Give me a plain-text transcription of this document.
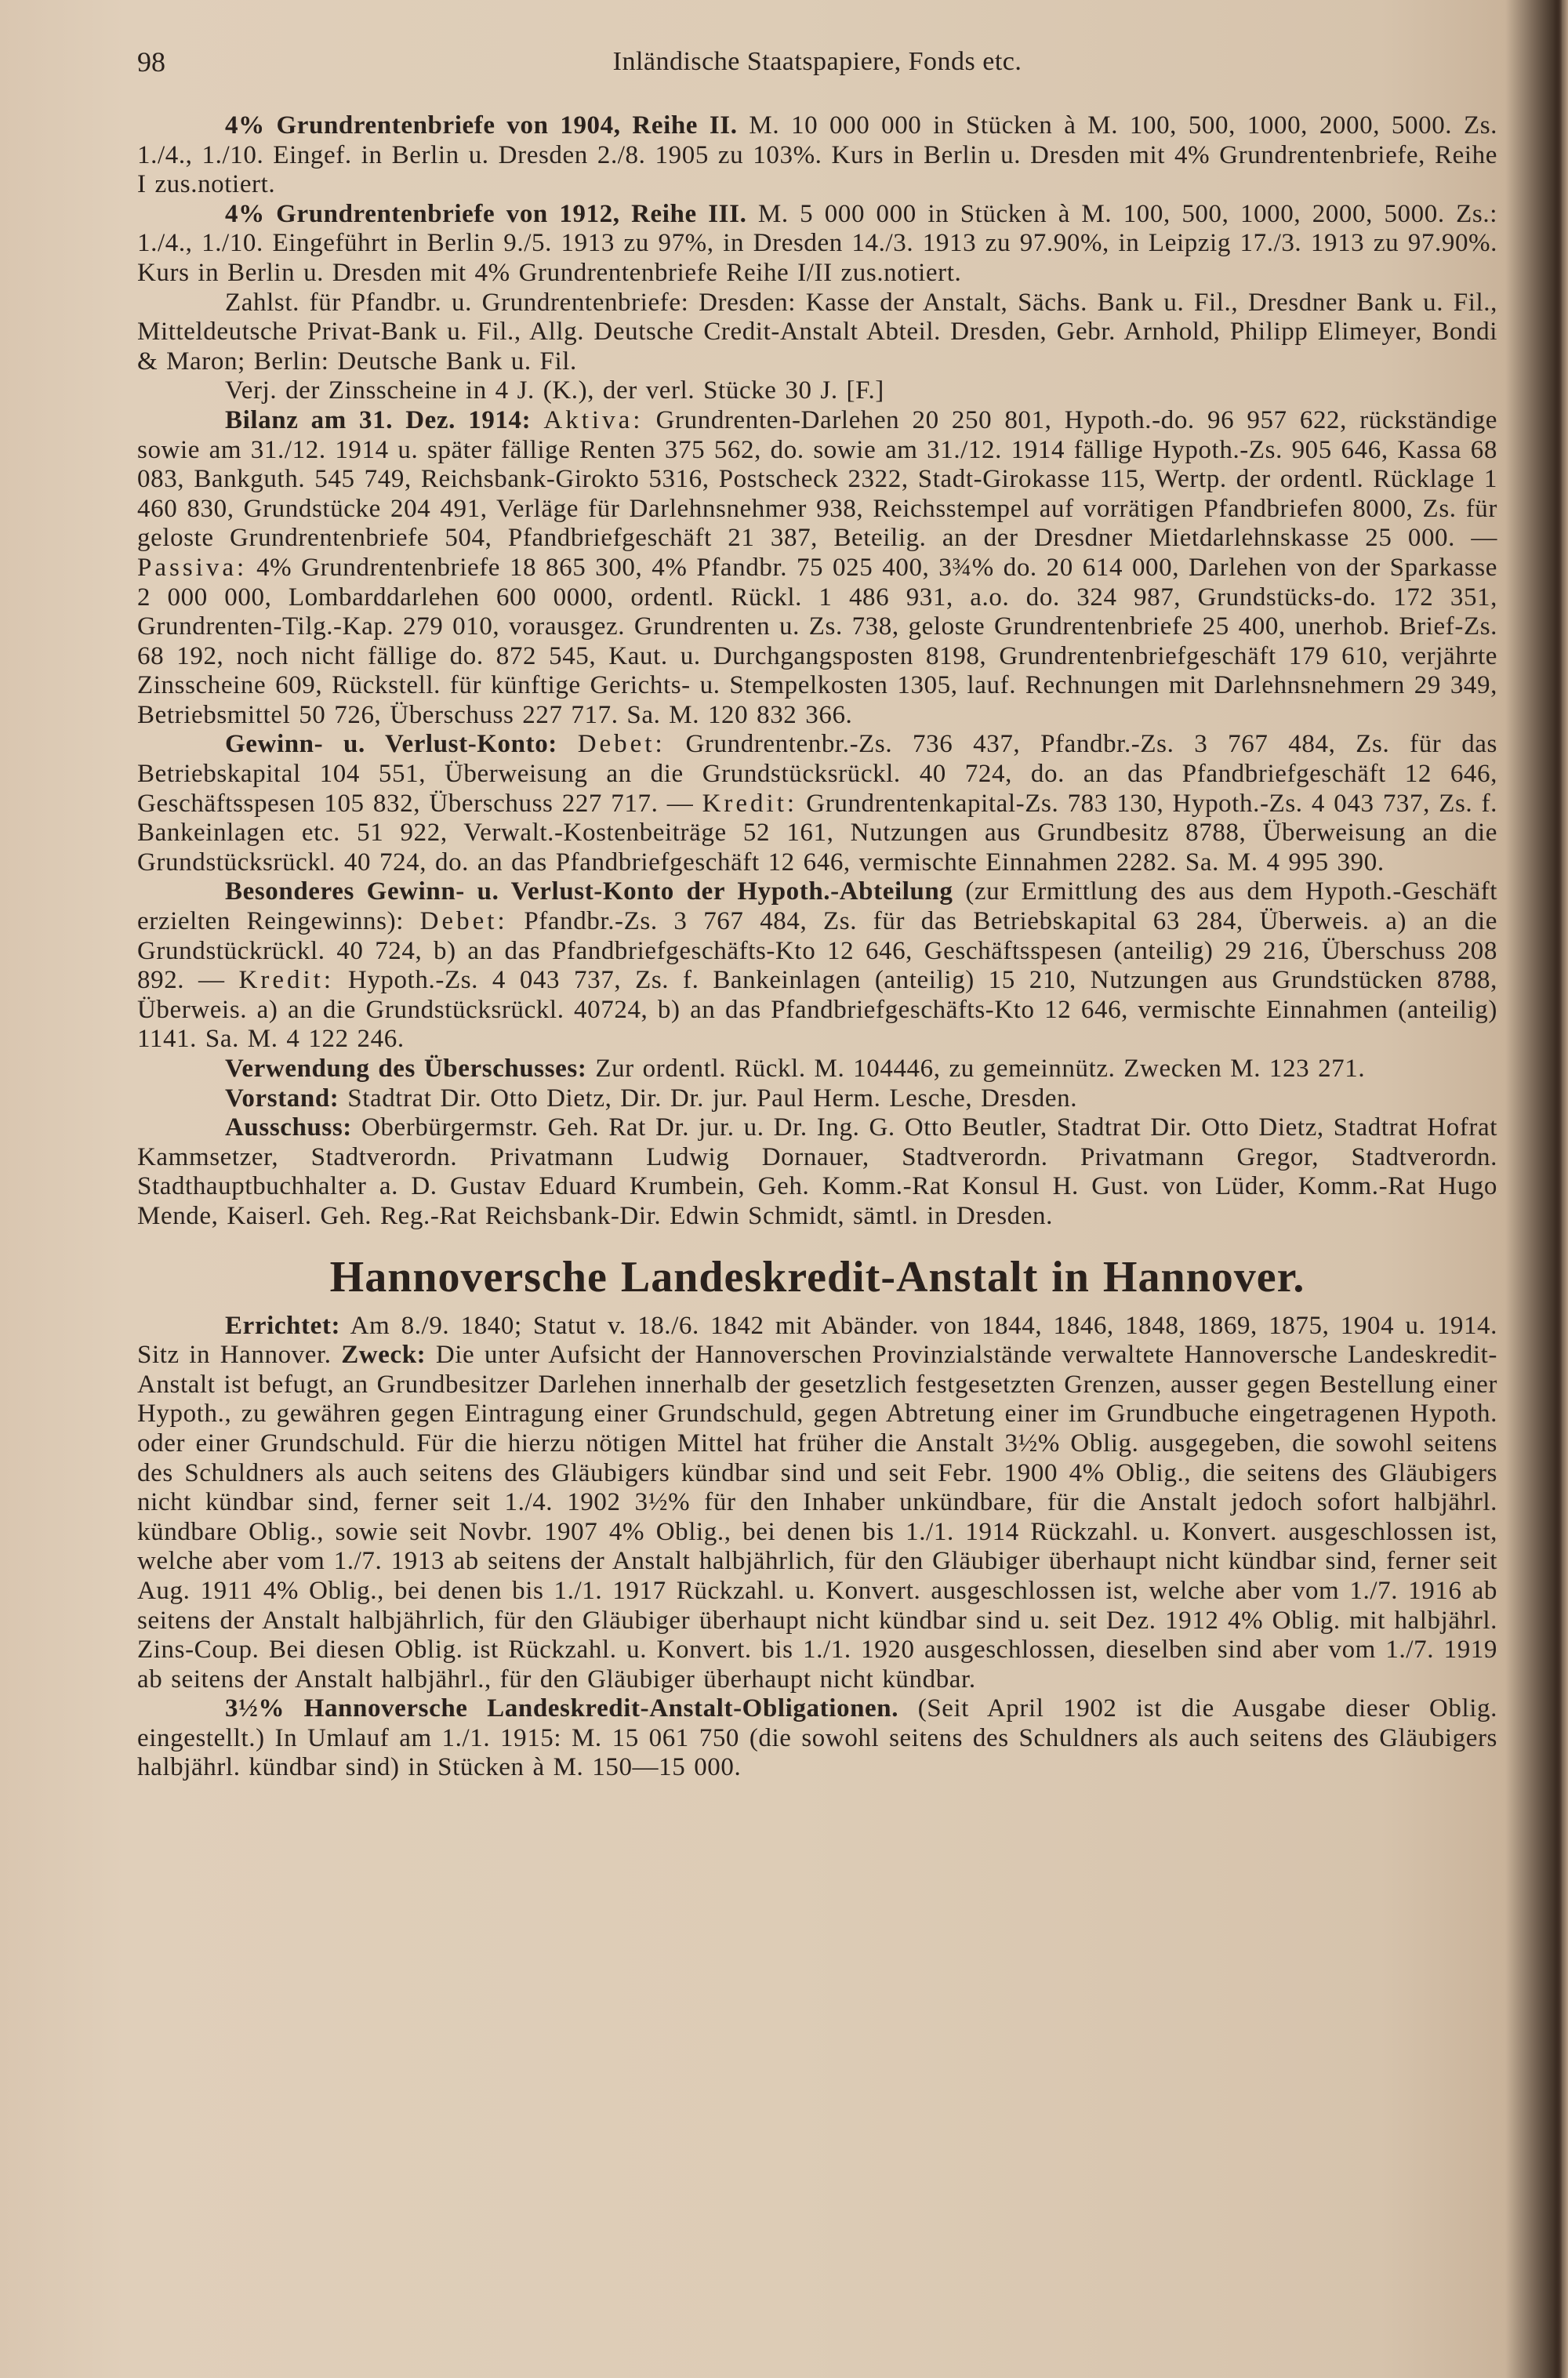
98	Inländische Staatspapiere, Fonds etc.

4% Grundrentenbriefe von 1904, Reihe II. M. 10 000 000 in Stücken à M. 100, 500, 1000, 2000, 5000. Zs. 1./4., 1./10. Eingef. in Berlin u. Dresden 2./8. 1905 zu 103%. Kurs in Berlin u. Dresden mit 4% Grundrentenbriefe, Reihe I zus.notiert.

4% Grundrentenbriefe von 1912, Reihe III. M. 5 000 000 in Stücken à M. 100, 500, 1000, 2000, 5000. Zs.: 1./4., 1./10. Eingeführt in Berlin 9./5. 1913 zu 97%, in Dresden 14./3. 1913 zu 97.90%, in Leipzig 17./3. 1913 zu 97.90%. Kurs in Berlin u. Dresden mit 4% Grundrentenbriefe Reihe I/II zus.notiert.

Zahlst. für Pfandbr. u. Grundrentenbriefe: Dresden: Kasse der Anstalt, Sächs. Bank u. Fil., Dresdner Bank u. Fil., Mitteldeutsche Privat-Bank u. Fil., Allg. Deutsche Credit-Anstalt Abteil. Dresden, Gebr. Arnhold, Philipp Elimeyer, Bondi & Maron; Berlin: Deutsche Bank u. Fil.

Verj. der Zinsscheine in 4 J. (K.), der verl. Stücke 30 J. [F.]

Bilanz am 31. Dez. 1914: Aktiva: Grundrenten-Darlehen 20 250 801, Hypoth.-do. 96 957 622, rückständige sowie am 31./12. 1914 u. später fällige Renten 375 562, do. sowie am 31./12. 1914 fällige Hypoth.-Zs. 905 646, Kassa 68 083, Bankguth. 545 749, Reichsbank-Girokto 5316, Postscheck 2322, Stadt-Girokasse 115, Wertp. der ordentl. Rücklage 1 460 830, Grundstücke 204 491, Verläge für Darlehnsnehmer 938, Reichsstempel auf vorrätigen Pfandbriefen 8000, Zs. für geloste Grundrentenbriefe 504, Pfandbriefgeschäft 21 387, Beteilig. an der Dresdner Mietdarlehnskasse 25 000. — Passiva: 4% Grundrentenbriefe 18 865 300, 4% Pfandbr. 75 025 400, 3¾% do. 20 614 000, Darlehen von der Sparkasse 2 000 000, Lombarddarlehen 600 0000, ordentl. Rückl. 1 486 931, a.o. do. 324 987, Grundstücks-do. 172 351, Grundrenten-Tilg.-Kap. 279 010, vorausgez. Grundrenten u. Zs. 738, geloste Grundrentenbriefe 25 400, unerhob. Brief-Zs. 68 192, noch nicht fällige do. 872 545, Kaut. u. Durchgangsposten 8198, Grundrentenbriefgeschäft 179 610, verjährte Zinsscheine 609, Rückstell. für künftige Gerichts- u. Stempelkosten 1305, lauf. Rechnungen mit Darlehnsnehmern 29 349, Betriebsmittel 50 726, Überschuss 227 717. Sa. M. 120 832 366.

Gewinn- u. Verlust-Konto: Debet: Grundrentenbr.-Zs. 736 437, Pfandbr.-Zs. 3 767 484, Zs. für das Betriebskapital 104 551, Überweisung an die Grundstücksrückl. 40 724, do. an das Pfandbriefgeschäft 12 646, Geschäftsspesen 105 832, Überschuss 227 717. — Kredit: Grundrentenkapital-Zs. 783 130, Hypoth.-Zs. 4 043 737, Zs. f. Bankeinlagen etc. 51 922, Verwalt.-Kostenbeiträge 52 161, Nutzungen aus Grundbesitz 8788, Überweisung an die Grundstücksrückl. 40 724, do. an das Pfandbriefgeschäft 12 646, vermischte Einnahmen 2282. Sa. M. 4 995 390.

Besonderes Gewinn- u. Verlust-Konto der Hypoth.-Abteilung (zur Ermittlung des aus dem Hypoth.-Geschäft erzielten Reingewinns): Debet: Pfandbr.-Zs. 3 767 484, Zs. für das Betriebskapital 63 284, Überweis. a) an die Grundstückrückl. 40 724, b) an das Pfandbriefgeschäfts-Kto 12 646, Geschäftsspesen (anteilig) 29 216, Überschuss 208 892. — Kredit: Hypoth.-Zs. 4 043 737, Zs. f. Bankeinlagen (anteilig) 15 210, Nutzungen aus Grundstücken 8788, Überweis. a) an die Grundstücksrückl. 40724, b) an das Pfandbriefgeschäfts-Kto 12 646, vermischte Einnahmen (anteilig) 1141. Sa. M. 4 122 246.

Verwendung des Überschusses: Zur ordentl. Rückl. M. 104446, zu gemeinnütz. Zwecken M. 123 271.

Vorstand: Stadtrat Dir. Otto Dietz, Dir. Dr. jur. Paul Herm. Lesche, Dresden.

Ausschuss: Oberbürgermstr. Geh. Rat Dr. jur. u. Dr. Ing. G. Otto Beutler, Stadtrat Dir. Otto Dietz, Stadtrat Hofrat Kammsetzer, Stadtverordn. Privatmann Ludwig Dornauer, Stadtverordn. Privatmann Gregor, Stadtverordn. Stadthauptbuchhalter a. D. Gustav Eduard Krumbein, Geh. Komm.-Rat Konsul H. Gust. von Lüder, Komm.-Rat Hugo Mende, Kaiserl. Geh. Reg.-Rat Reichsbank-Dir. Edwin Schmidt, sämtl. in Dresden.

Hannoversche Landeskredit-Anstalt in Hannover.

Errichtet: Am 8./9. 1840; Statut v. 18./6. 1842 mit Abänder. von 1844, 1846, 1848, 1869, 1875, 1904 u. 1914. Sitz in Hannover. Zweck: Die unter Aufsicht der Hannoverschen Provinzialstände verwaltete Hannoversche Landeskredit-Anstalt ist befugt, an Grundbesitzer Darlehen innerhalb der gesetzlich festgesetzten Grenzen, ausser gegen Bestellung einer Hypoth., zu gewähren gegen Eintragung einer Grundschuld, gegen Abtretung einer im Grundbuche eingetragenen Hypoth. oder einer Grundschuld. Für die hierzu nötigen Mittel hat früher die Anstalt 3½% Oblig. ausgegeben, die sowohl seitens des Schuldners als auch seitens des Gläubigers kündbar sind und seit Febr. 1900 4% Oblig., die seitens des Gläubigers nicht kündbar sind, ferner seit 1./4. 1902 3½% für den Inhaber unkündbare, für die Anstalt jedoch sofort halbjährl. kündbare Oblig., sowie seit Novbr. 1907 4% Oblig., bei denen bis 1./1. 1914 Rückzahl. u. Konvert. ausgeschlossen ist, welche aber vom 1./7. 1913 ab seitens der Anstalt halbjährlich, für den Gläubiger überhaupt nicht kündbar sind, ferner seit Aug. 1911 4% Oblig., bei denen bis 1./1. 1917 Rückzahl. u. Konvert. ausgeschlossen ist, welche aber vom 1./7. 1916 ab seitens der Anstalt halbjährlich, für den Gläubiger überhaupt nicht kündbar sind u. seit Dez. 1912 4% Oblig. mit halbjährl. Zins-Coup. Bei diesen Oblig. ist Rückzahl. u. Konvert. bis 1./1. 1920 ausgeschlossen, dieselben sind aber vom 1./7. 1919 ab seitens der Anstalt halbjährl., für den Gläubiger überhaupt nicht kündbar.

3½% Hannoversche Landeskredit-Anstalt-Obligationen. (Seit April 1902 ist die Ausgabe dieser Oblig. eingestellt.) In Umlauf am 1./1. 1915: M. 15 061 750 (die sowohl seitens des Schuldners als auch seitens des Gläubigers halbjährl. kündbar sind) in Stücken à M. 150—15 000.
